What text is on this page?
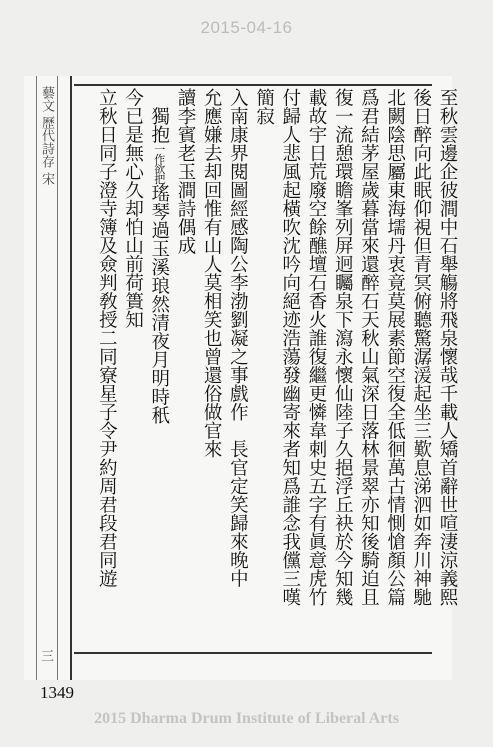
2015-04-16
藝文 歷代詩存 宋
三

至秋雲邊企彼澗中石舉觴將飛泉懷哉千載人矯首辭世喧淒涼義熙

後日醉向此眠仰視但青冥俯聽驚潺湲起坐三歎息涕泗如奔川神馳

北闕陰思屬東海壖丹衷竟莫展素節空復全低徊萬古情惻愴顏公篇

爲君結茅屋歲暮當來還醉石天秋山氣深日落林景翠亦知後騎迫且

復一流憩環瞻峯列屏迥矚泉下瀉永懷仙陸子久挹浮丘袂於今知幾

載故宇日荒廢空餘醮壇石香火誰復繼更憐韋刺史五字有眞意虎竹

付歸人悲風起橫吹沈吟向絕迹浩蕩發幽寄來者知爲誰念我儻三嘆

簡寂

入南康界閱圖經感陶公李渤劉凝之事戲作　長官定笑歸來晚中

允應嫌去却回惟有山人莫相笑也曾還俗做官來

讀李賓老玉澗詩偶成

　獨抱一作欲把瑤琴過玉溪琅然清夜月明時秖

今已是無心久却怕山前荷簣知

立秋日同子澄寺簿及僉判敎授二同寮星子令尹約周君段君同遊

1349
2015 Dharma Drum Institute of Liberal Arts
